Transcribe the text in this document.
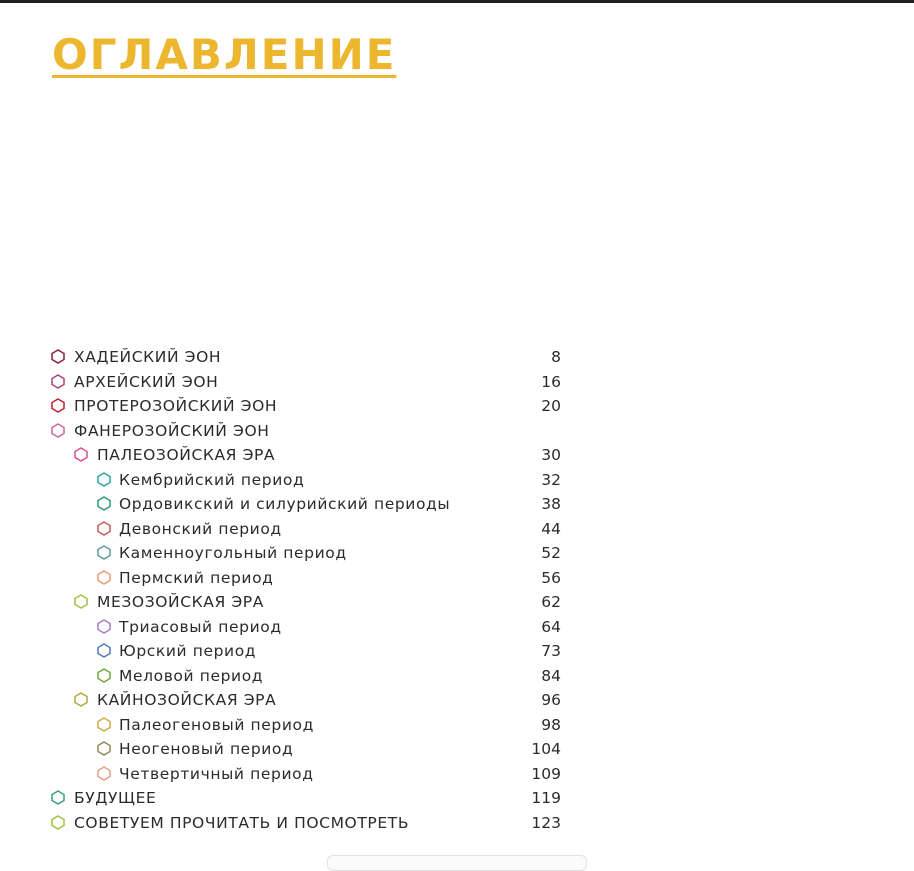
ОГЛАВЛЕНИЕ
ХАДЕЙСКИЙ ЭОН	8
АРХЕЙСКИЙ ЭОН	16
ПРОТЕРОЗОЙСКИЙ ЭОН	20
ФАНЕРОЗОЙСКИЙ ЭОН
ПАЛЕОЗОЙСКАЯ ЭРА	30
Кембрийский период	32
Ордовикский и силурийский периоды	38
Девонский период	44
Каменноугольный период	52
Пермский период	56
МЕЗОЗОЙСКАЯ ЭРА	62
Триасовый период	64
Юрский период	73
Меловой период	84
КАЙНОЗОЙСКАЯ ЭРА	96
Палеогеновый период	98
Неогеновый период	104
Четвертичный период	109
БУДУЩЕЕ	119
СОВЕТУЕМ ПРОЧИТАТЬ И ПОСМОТРЕТЬ	123
